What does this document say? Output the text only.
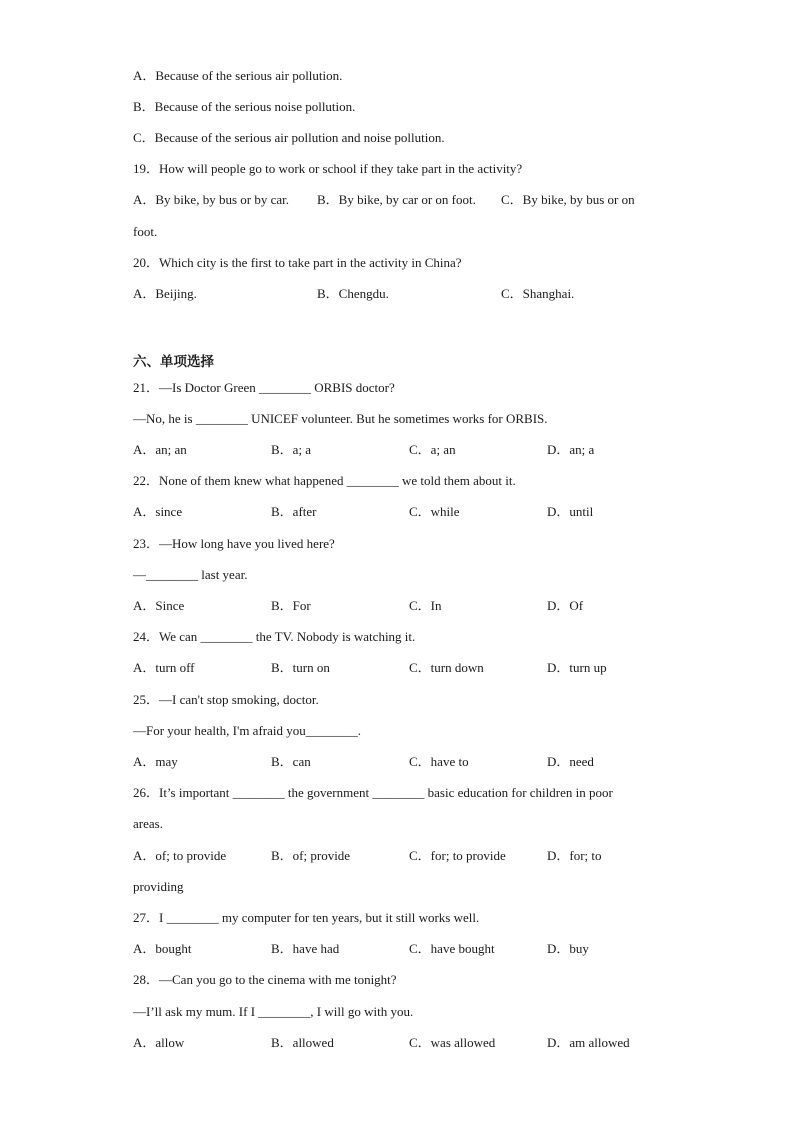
A．Because of the serious air pollution.
B．Because of the serious noise pollution.
C．Because of the serious air pollution and noise pollution.
19．How will people go to work or school if they take part in the activity?
A．By bike, by bus or by car. B．By bike, by car or on foot. C．By bike, by bus or on
foot.
20．Which city is the first to take part in the activity in China?
A．Beijing.	B．Chengdu.	C．Shanghai.
六、单项选择
21．—Is Doctor Green ________ ORBIS doctor?
—No, he is ________ UNICEF volunteer. But he sometimes works for ORBIS.
A．an; an	B．a; a	C．a; an	D．an; a
22．None of them knew what happened ________ we told them about it.
A．since	B．after	C．while	D．until
23．—How long have you lived here?
—________ last year.
A．Since	B．For	C．In	D．Of
24．We can ________ the TV. Nobody is watching it.
A．turn off	B．turn on	C．turn down	D．turn up
25．—I can't stop smoking, doctor.
—For your health, I'm afraid you________.
A．may	B．can	C．have to	D．need
26．It’s important ________ the government ________ basic education for children in poor
areas.
A．of; to provide	B．of; provide	C．for; to provide	D．for; to
providing
27．I ________ my computer for ten years, but it still works well.
A．bought	B．have had	C．have bought	D．buy
28．—Can you go to the cinema with me tonight?
—I’ll ask my mum. If I ________, I will go with you.
A．allow	B．allowed	C．was allowed	D．am allowed
